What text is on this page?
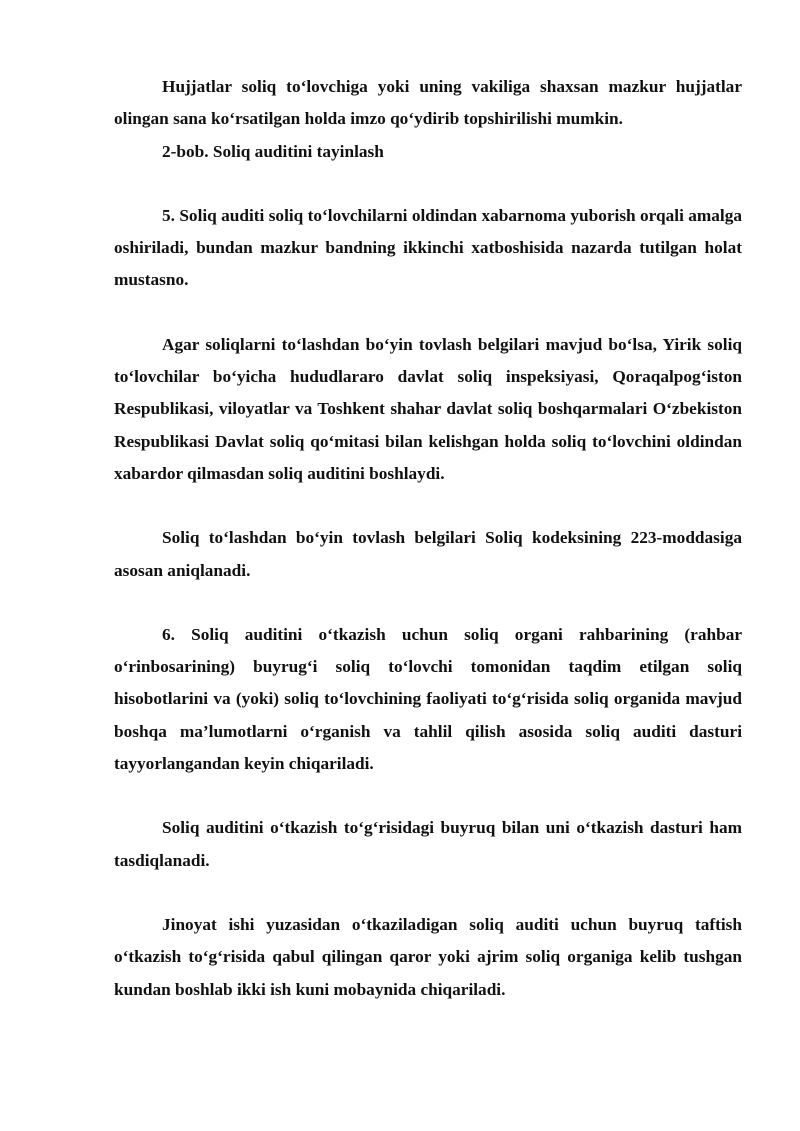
Hujjatlar soliq to‘lovchiga yoki uning vakiliga shaxsan mazkur hujjatlar olingan sana ko‘rsatilgan holda imzo qo‘ydirib topshirilishi mumkin.

2-bob. Soliq auditini tayinlash

5. Soliq auditi soliq to‘lovchilarni oldindan xabarnoma yuborish orqali amalga oshiriladi, bundan mazkur bandning ikkinchi xatboshisida nazarda tutilgan holat mustasno.

Agar soliqlarni to‘lashdan bo‘yin tovlash belgilari mavjud bo‘lsa, Yirik soliq to‘lovchilar bo‘yicha hududlararo davlat soliq inspeksiyasi, Qoraqalpog‘iston Respublikasi, viloyatlar va Toshkent shahar davlat soliq boshqarmalari O‘zbekiston Respublikasi Davlat soliq qo‘mitasi bilan kelishgan holda soliq to‘lovchini oldindan xabardor qilmasdan soliq auditini boshlaydi.

Soliq to‘lashdan bo‘yin tovlash belgilari Soliq kodeksining 223-moddasiga asosan aniqlanadi.

6. Soliq auditini o‘tkazish uchun soliq organi rahbarining (rahbar o‘rinbosarining) buyrug‘i soliq to‘lovchi tomonidan taqdim etilgan soliq hisobotlarini va (yoki) soliq to‘lovchining faoliyati to‘g‘risida soliq organida mavjud boshqa ma’lumotlarni o‘rganish va tahlil qilish asosida soliq auditi dasturi tayyorlangandan keyin chiqariladi.

Soliq auditini o‘tkazish to‘g‘risidagi buyruq bilan uni o‘tkazish dasturi ham tasdiqlanadi.

Jinoyat ishi yuzasidan o‘tkaziladigan soliq auditi uchun buyruq taftish o‘tkazish to‘g‘risida qabul qilingan qaror yoki ajrim soliq organiga kelib tushgan kundan boshlab ikki ish kuni mobaynida chiqariladi.
